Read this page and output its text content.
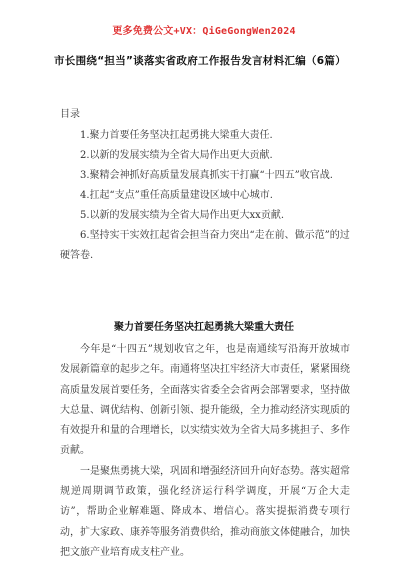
更多免费公文+VX：QiGeGongWen2024
市长围绕“担当”谈落实省政府工作报告发言材料汇编（6篇）
目录

1.聚力首要任务坚决扛起勇挑大梁重大责任.

2.以新的发展实绩为全省大局作出更大贡献.

3.聚精会神抓好高质量发展真抓实干打赢“十四五”收官战.

4.扛起“支点”重任高质量建设区域中心城市.

5.以新的发展实绩为全省大局作出更大xx贡献.

6.坚持实干实效扛起省会担当奋力突出“走在前、做示范”的过硬答卷.

聚力首要任务坚决扛起勇挑大梁重大责任

今年是“十四五”规划收官之年，也是南通续写沿海开放城市发展新篇章的起步之年。南通将坚决扛牢经济大市责任，紧紧围绕高质量发展首要任务，全面落实省委全会省两会部署要求，坚持做大总量、调优结构、创新引领、提升能级，全力推动经济实现质的有效提升和量的合理增长，以实绩实效为全省大局多挑担子、多作贡献。

一是聚焦勇挑大梁，巩固和增强经济回升向好态势。落实超常规逆周期调节政策，强化经济运行科学调度，开展“万企大走访”，帮助企业解难题、降成本、增信心。落实提振消费专项行动，扩大家政、康养等服务消费供给，推动商旅文体健融合，加快把文旅产业培育成支柱产业。
